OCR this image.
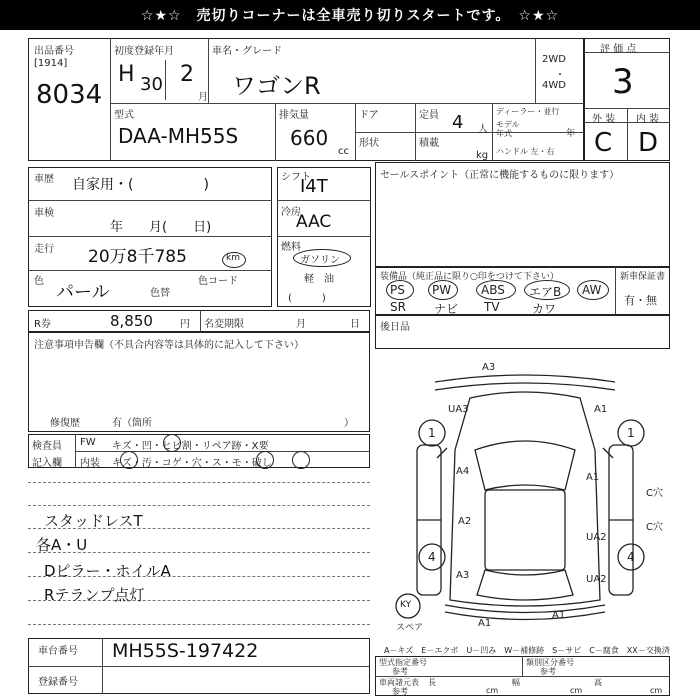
☆★☆　売切りコーナーは全車売り切りスタートです。　☆★☆
出品番号
[1914]
8034
初度登録年月
H 30 2
月
車名・グレード
ワゴンR
2WD
・
4WD
型式
DAA-MH55S
排気量
660
cc
ドア
形状
定員 4 人
積載
kg
ディーラー・並行
モデル
年式	年
ハンドル 左・右
評 価 点
3
外 装 内 装
C D
車歴 自家用・(　　　　　)
車検
年　　月(　　日)
走行 20万8千785	km
色
パール	色替
色コード
シフト
I4T
冷房
AAC
燃料
ガソリン
軽　油
(　　　)
セールスポイント（正常に機能するものに限ります）
装備品（純正品に限り○印をつけて下さい）	新車保証書
有・無
PS PW ABS エアB AW
SR ナビ TV	カワ
R券	8,850	円 名変期限	月	日 後日品
注意事項申告欄（不具合内容等は具体的に記入して下さい）
修復歴	有（箇所	）
検査員
記入欄
FW キズ・凹・ヒビ割・リペア跡・X要
内装 キズ・汚・コゲ・穴・ス・モ・破し
スタッドレスT
各A・U
Dピラー・ホイルA
Rテランプ点灯
車台番号 MH55S-197422
登録番号
A3
UA3	A1
A4
A1
A2
UA2
A3	UA2
A1
A1
1	1
4	4
C穴
C穴
KY
スペア
A－キズ　E－エクボ　U－凹み　W－補修跡　S－サビ　C－腐食　XX－交換済
型式指定番号
参考
類別区分番号
参考
車両諸元表
参考
長
cm
幅
cm
高
cm
